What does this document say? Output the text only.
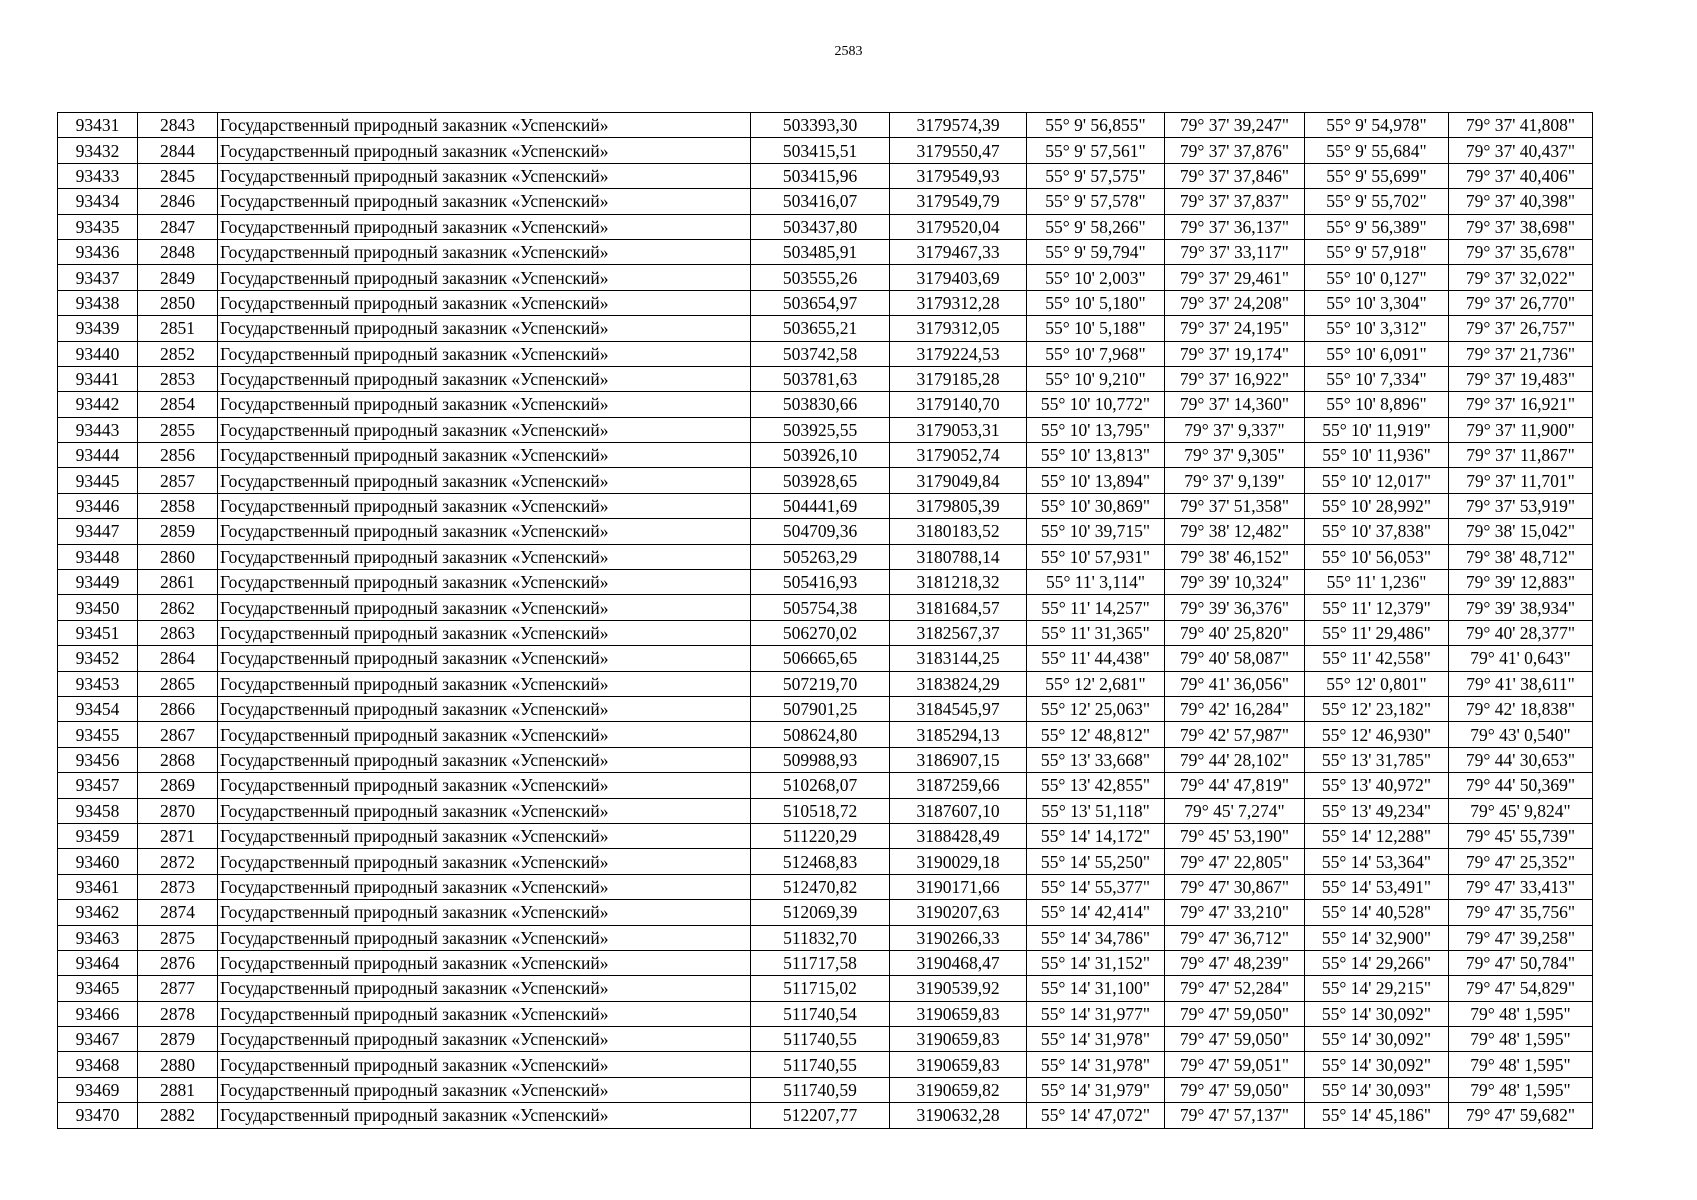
2583
93431	2843	Государственный природный заказник «Успенский»	503393,30	3179574,39	55° 9' 56,855"	79° 37' 39,247"	55° 9' 54,978"	79° 37' 41,808"
93432	2844	Государственный природный заказник «Успенский»	503415,51	3179550,47	55° 9' 57,561"	79° 37' 37,876"	55° 9' 55,684"	79° 37' 40,437"
93433	2845	Государственный природный заказник «Успенский»	503415,96	3179549,93	55° 9' 57,575"	79° 37' 37,846"	55° 9' 55,699"	79° 37' 40,406"
93434	2846	Государственный природный заказник «Успенский»	503416,07	3179549,79	55° 9' 57,578"	79° 37' 37,837"	55° 9' 55,702"	79° 37' 40,398"
93435	2847	Государственный природный заказник «Успенский»	503437,80	3179520,04	55° 9' 58,266"	79° 37' 36,137"	55° 9' 56,389"	79° 37' 38,698"
93436	2848	Государственный природный заказник «Успенский»	503485,91	3179467,33	55° 9' 59,794"	79° 37' 33,117"	55° 9' 57,918"	79° 37' 35,678"
93437	2849	Государственный природный заказник «Успенский»	503555,26	3179403,69	55° 10' 2,003"	79° 37' 29,461"	55° 10' 0,127"	79° 37' 32,022"
93438	2850	Государственный природный заказник «Успенский»	503654,97	3179312,28	55° 10' 5,180"	79° 37' 24,208"	55° 10' 3,304"	79° 37' 26,770"
93439	2851	Государственный природный заказник «Успенский»	503655,21	3179312,05	55° 10' 5,188"	79° 37' 24,195"	55° 10' 3,312"	79° 37' 26,757"
93440	2852	Государственный природный заказник «Успенский»	503742,58	3179224,53	55° 10' 7,968"	79° 37' 19,174"	55° 10' 6,091"	79° 37' 21,736"
93441	2853	Государственный природный заказник «Успенский»	503781,63	3179185,28	55° 10' 9,210"	79° 37' 16,922"	55° 10' 7,334"	79° 37' 19,483"
93442	2854	Государственный природный заказник «Успенский»	503830,66	3179140,70	55° 10' 10,772"	79° 37' 14,360"	55° 10' 8,896"	79° 37' 16,921"
93443	2855	Государственный природный заказник «Успенский»	503925,55	3179053,31	55° 10' 13,795"	79° 37' 9,337"	55° 10' 11,919"	79° 37' 11,900"
93444	2856	Государственный природный заказник «Успенский»	503926,10	3179052,74	55° 10' 13,813"	79° 37' 9,305"	55° 10' 11,936"	79° 37' 11,867"
93445	2857	Государственный природный заказник «Успенский»	503928,65	3179049,84	55° 10' 13,894"	79° 37' 9,139"	55° 10' 12,017"	79° 37' 11,701"
93446	2858	Государственный природный заказник «Успенский»	504441,69	3179805,39	55° 10' 30,869"	79° 37' 51,358"	55° 10' 28,992"	79° 37' 53,919"
93447	2859	Государственный природный заказник «Успенский»	504709,36	3180183,52	55° 10' 39,715"	79° 38' 12,482"	55° 10' 37,838"	79° 38' 15,042"
93448	2860	Государственный природный заказник «Успенский»	505263,29	3180788,14	55° 10' 57,931"	79° 38' 46,152"	55° 10' 56,053"	79° 38' 48,712"
93449	2861	Государственный природный заказник «Успенский»	505416,93	3181218,32	55° 11' 3,114"	79° 39' 10,324"	55° 11' 1,236"	79° 39' 12,883"
93450	2862	Государственный природный заказник «Успенский»	505754,38	3181684,57	55° 11' 14,257"	79° 39' 36,376"	55° 11' 12,379"	79° 39' 38,934"
93451	2863	Государственный природный заказник «Успенский»	506270,02	3182567,37	55° 11' 31,365"	79° 40' 25,820"	55° 11' 29,486"	79° 40' 28,377"
93452	2864	Государственный природный заказник «Успенский»	506665,65	3183144,25	55° 11' 44,438"	79° 40' 58,087"	55° 11' 42,558"	79° 41' 0,643"
93453	2865	Государственный природный заказник «Успенский»	507219,70	3183824,29	55° 12' 2,681"	79° 41' 36,056"	55° 12' 0,801"	79° 41' 38,611"
93454	2866	Государственный природный заказник «Успенский»	507901,25	3184545,97	55° 12' 25,063"	79° 42' 16,284"	55° 12' 23,182"	79° 42' 18,838"
93455	2867	Государственный природный заказник «Успенский»	508624,80	3185294,13	55° 12' 48,812"	79° 42' 57,987"	55° 12' 46,930"	79° 43' 0,540"
93456	2868	Государственный природный заказник «Успенский»	509988,93	3186907,15	55° 13' 33,668"	79° 44' 28,102"	55° 13' 31,785"	79° 44' 30,653"
93457	2869	Государственный природный заказник «Успенский»	510268,07	3187259,66	55° 13' 42,855"	79° 44' 47,819"	55° 13' 40,972"	79° 44' 50,369"
93458	2870	Государственный природный заказник «Успенский»	510518,72	3187607,10	55° 13' 51,118"	79° 45' 7,274"	55° 13' 49,234"	79° 45' 9,824"
93459	2871	Государственный природный заказник «Успенский»	511220,29	3188428,49	55° 14' 14,172"	79° 45' 53,190"	55° 14' 12,288"	79° 45' 55,739"
93460	2872	Государственный природный заказник «Успенский»	512468,83	3190029,18	55° 14' 55,250"	79° 47' 22,805"	55° 14' 53,364"	79° 47' 25,352"
93461	2873	Государственный природный заказник «Успенский»	512470,82	3190171,66	55° 14' 55,377"	79° 47' 30,867"	55° 14' 53,491"	79° 47' 33,413"
93462	2874	Государственный природный заказник «Успенский»	512069,39	3190207,63	55° 14' 42,414"	79° 47' 33,210"	55° 14' 40,528"	79° 47' 35,756"
93463	2875	Государственный природный заказник «Успенский»	511832,70	3190266,33	55° 14' 34,786"	79° 47' 36,712"	55° 14' 32,900"	79° 47' 39,258"
93464	2876	Государственный природный заказник «Успенский»	511717,58	3190468,47	55° 14' 31,152"	79° 47' 48,239"	55° 14' 29,266"	79° 47' 50,784"
93465	2877	Государственный природный заказник «Успенский»	511715,02	3190539,92	55° 14' 31,100"	79° 47' 52,284"	55° 14' 29,215"	79° 47' 54,829"
93466	2878	Государственный природный заказник «Успенский»	511740,54	3190659,83	55° 14' 31,977"	79° 47' 59,050"	55° 14' 30,092"	79° 48' 1,595"
93467	2879	Государственный природный заказник «Успенский»	511740,55	3190659,83	55° 14' 31,978"	79° 47' 59,050"	55° 14' 30,092"	79° 48' 1,595"
93468	2880	Государственный природный заказник «Успенский»	511740,55	3190659,83	55° 14' 31,978"	79° 47' 59,051"	55° 14' 30,092"	79° 48' 1,595"
93469	2881	Государственный природный заказник «Успенский»	511740,59	3190659,82	55° 14' 31,979"	79° 47' 59,050"	55° 14' 30,093"	79° 48' 1,595"
93470	2882	Государственный природный заказник «Успенский»	512207,77	3190632,28	55° 14' 47,072"	79° 47' 57,137"	55° 14' 45,186"	79° 47' 59,682"
